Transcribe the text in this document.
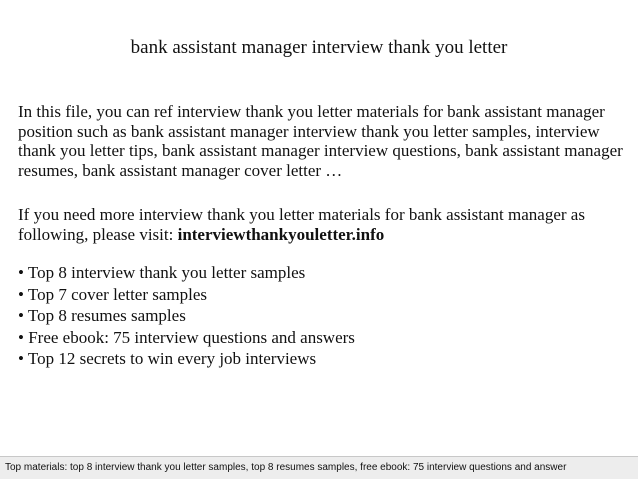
bank assistant manager interview thank you letter

In this file, you can ref interview thank you letter materials for bank assistant manager position such as bank assistant manager interview thank you letter samples, interview thank you letter tips, bank assistant manager interview questions, bank assistant manager resumes, bank assistant manager cover letter …

If you need more interview thank you letter materials for bank assistant manager as following, please visit: interviewthankyouletter.info

• Top 8 interview thank you letter samples
• Top 7 cover letter samples
• Top 8 resumes samples
• Free ebook: 75 interview questions and answers
• Top 12 secrets to win every job interviews
Top materials: top 8 interview thank you letter samples, top 8 resumes samples, free ebook: 75 interview questions and answer
